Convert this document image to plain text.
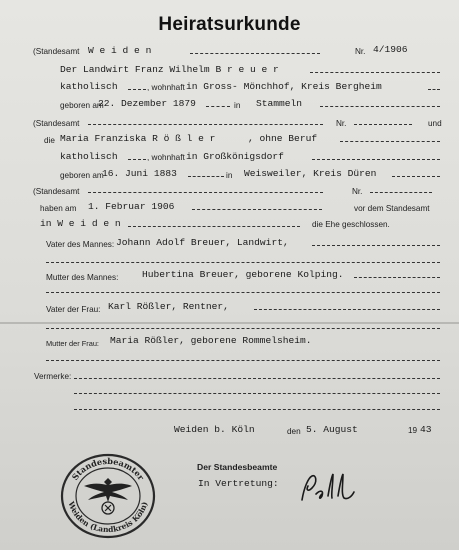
Heiratsurkunde
(Standesamt W e i d e n	Nr. 4/1906
Der Landwirt Franz Wilhelm B r e u e r
katholisch	, wohnhaft in Gross- Mönchhof, Kreis Bergheim
geboren am
22. Dezember 1879	in Stammeln
(Standesamt	Nr.	und
die Maria Franziska R ö ß l e r	, ohne Beruf
katholisch	, wohnhaft in Großkönigsdorf
geboren am
16. Juni 1883	in Weisweiler, Kreis Düren
(Standesamt	Nr.
haben am 1. Februar 1906	vor dem Standesamt
in W e i d e n	die Ehe geschlossen.
Vater des Mannes: Johann Adolf Breuer, Landwirt,
Mutter des Mannes: Hubertina Breuer, geborene Kolping.
Vater der Frau: Karl Rößler, Rentner,
Mutter der Frau: Maria Rößler, geborene Rommelsheim.
Vermerke:
Weiden b. Köln	den 5. August	19 43
Der Standesbeamte
In Vertretung:
Standesbeamter
Weiden (Landkreis Köln)
